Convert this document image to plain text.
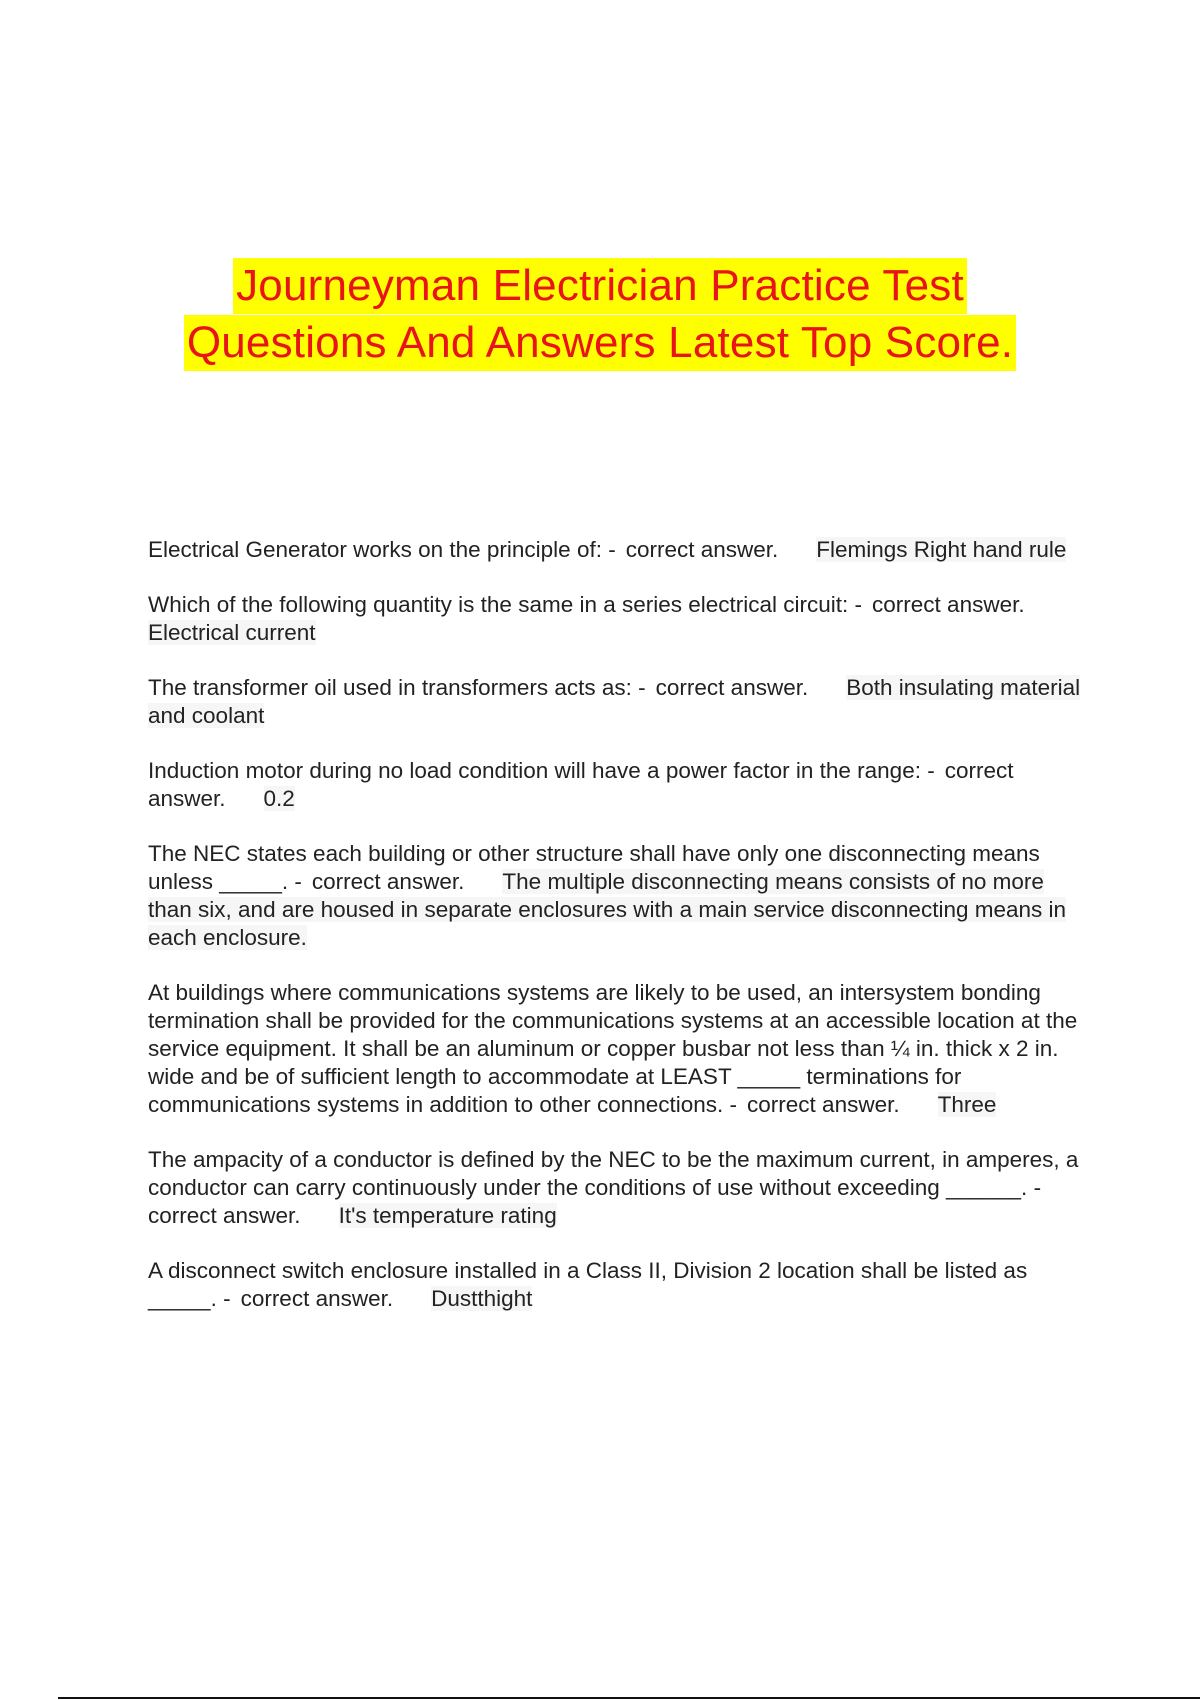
Journeyman Electrician Practice Test
Questions And Answers Latest Top Score.
Electrical Generator works on the principle of: - correct answer. Flemings Right hand rule
Which of the following quantity is the same in a series electrical circuit: - correct answer.Electrical current
The transformer oil used in transformers acts as: - correct answer. Both insulating material and coolant
Induction motor during no load condition will have a power factor in the range: - correct answer. 0.2
The NEC states each building or other structure shall have only one disconnecting means unless _____. - correct answer. The multiple disconnecting means consists of no more than six, and are housed in separate enclosures with a main service disconnecting means in each enclosure.
At buildings where communications systems are likely to be used, an intersystem bonding termination shall be provided for the communications systems at an accessible location at the service equipment. It shall be an aluminum or copper busbar not less than ¼ in. thick x 2 in. wide and be of sufficient length to accommodate at LEAST _____ terminations for communications systems in addition to other connections. - correct answer. Three
The ampacity of a conductor is defined by the NEC to be the maximum current, in amperes, a conductor can carry continuously under the conditions of use without exceeding ______. -correct answer. It's temperature rating
A disconnect switch enclosure installed in a Class II, Division 2 location shall be listed as _____. - correct answer. Dustthight
